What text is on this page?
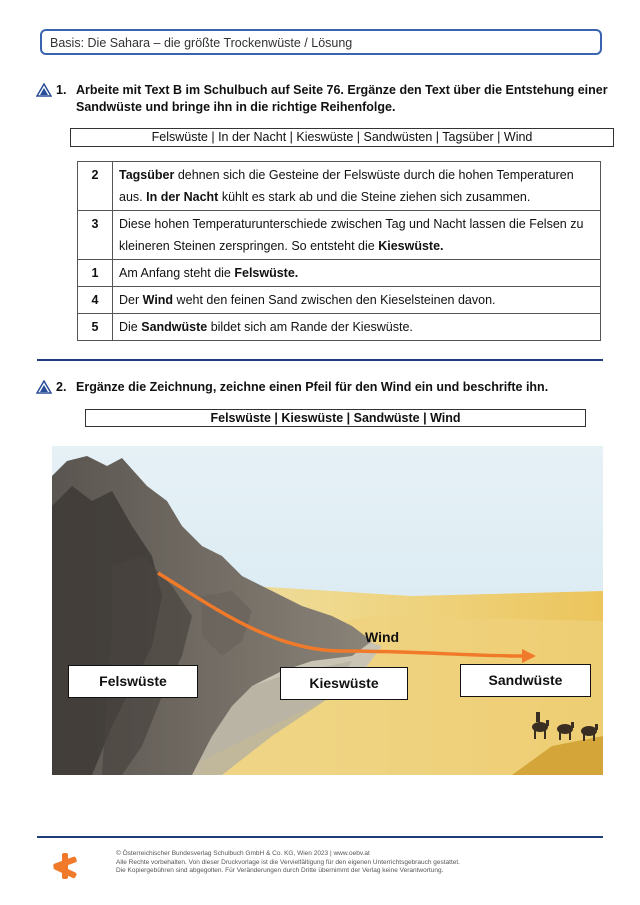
Basis: Die Sahara – die größte Trockenwüste / Lösung
1. Arbeite mit Text B im Schulbuch auf Seite 76. Ergänze den Text über die Entstehung einer Sandwüste und bringe ihn in die richtige Reihenfolge.
Felswüste | In der Nacht | Kieswüste | Sandwüsten | Tagsüber | Wind
2	Tagsüber dehnen sich die Gesteine der Felswüste durch die hohen Temperaturen aus. In der Nacht kühlt es stark ab und die Steine ziehen sich zusammen.
3	Diese hohen Temperaturunterschiede zwischen Tag und Nacht lassen die Felsen zu kleineren Steinen zerspringen. So entsteht die Kieswüste.
1	Am Anfang steht die Felswüste.
4	Der Wind weht den feinen Sand zwischen den Kieselsteinen davon.
5	Die Sandwüste bildet sich am Rande der Kieswüste.
2. Ergänze die Zeichnung, zeichne einen Pfeil für den Wind ein und beschrifte ihn.
Felswüste | Kieswüste | Sandwüste | Wind
Wind
Felswüste	Kieswüste	Sandwüste
© Österreichischer Bundesverlag Schulbuch GmbH & Co. KG, Wien 2023 | www.oebv.at
Alle Rechte vorbehalten. Von dieser Druckvorlage ist die Vervielfältigung für den eigenen Unterrichtsgebrauch gestattet.
Die Kopiergebühren sind abgegolten. Für Veränderungen durch Dritte übernimmt der Verlag keine Verantwortung.
